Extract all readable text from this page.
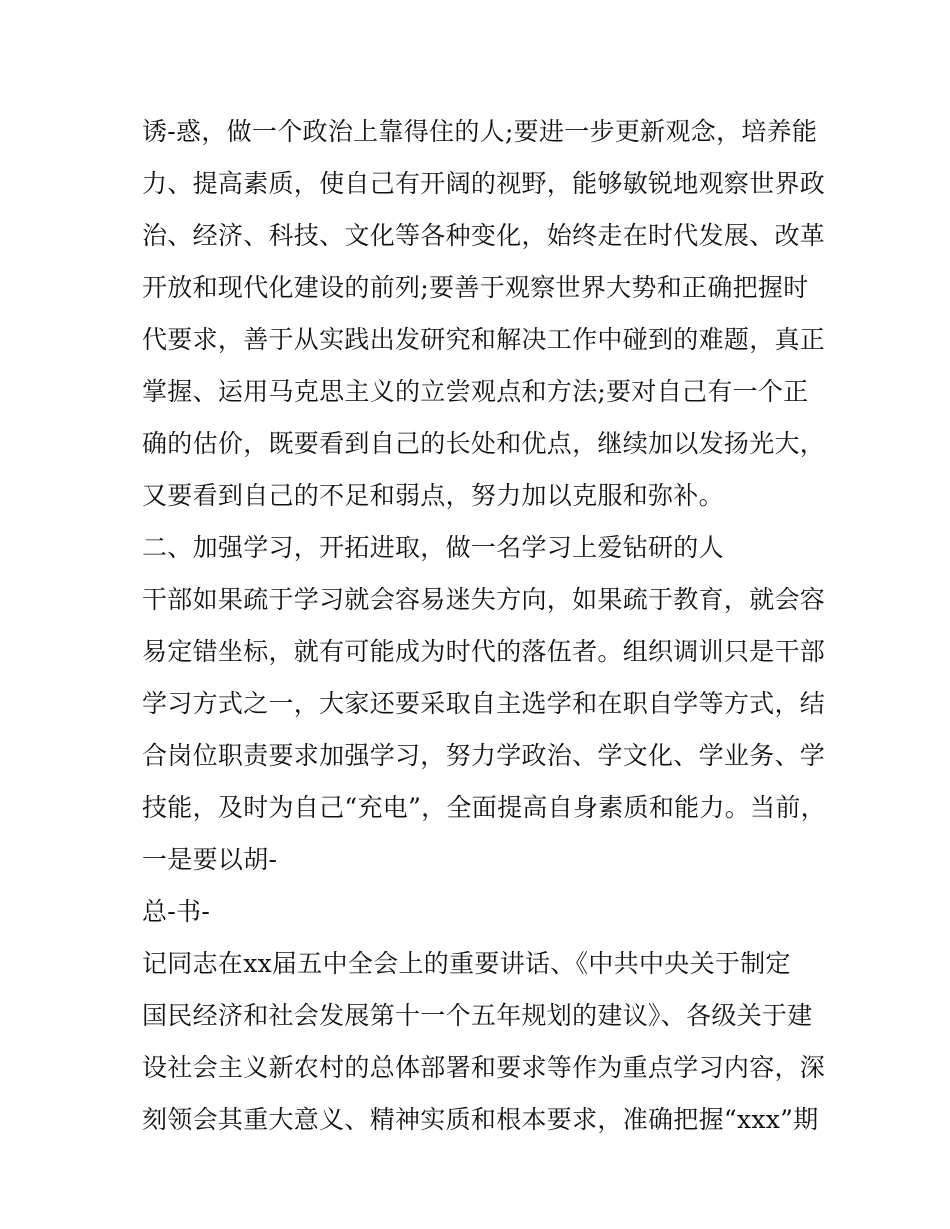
诱-惑，做一个政治上靠得住的人;要进一步更新观念，培养能
力、提高素质，使自己有开阔的视野，能够敏锐地观察世界政
治、经济、科技、文化等各种变化，始终走在时代发展、改革
开放和现代化建设的前列;要善于观察世界大势和正确把握时
代要求，善于从实践出发研究和解决工作中碰到的难题，真正
掌握、运用马克思主义的立尝观点和方法;要对自己有一个正
确的估价，既要看到自己的长处和优点，继续加以发扬光大，
又要看到自己的不足和弱点，努力加以克服和弥补。
二、加强学习，开拓进取，做一名学习上爱钻研的人
干部如果疏于学习就会容易迷失方向，如果疏于教育，就会容
易定错坐标，就有可能成为时代的落伍者。组织调训只是干部
学习方式之一，大家还要采取自主选学和在职自学等方式，结
合岗位职责要求加强学习，努力学政治、学文化、学业务、学
技能，及时为自己“充电”，全面提高自身素质和能力。当前，
一是要以胡-
总-书-
记同志在xx届五中全会上的重要讲话、《中共中央关于制定
国民经济和社会发展第十一个五年规划的建议》、各级关于建
设社会主义新农村的总体部署和要求等作为重点学习内容，深
刻领会其重大意义、精神实质和根本要求，准确把握“xxx”期
